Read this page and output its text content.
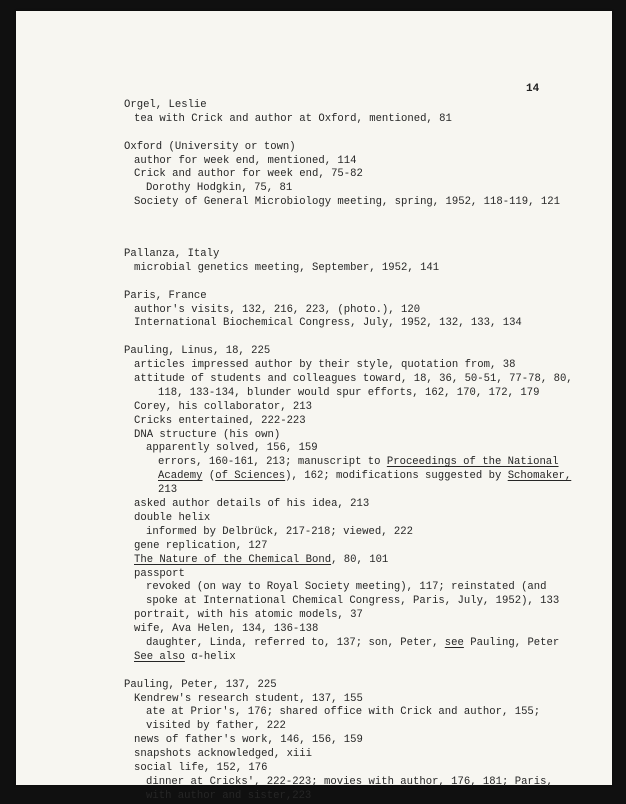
14
Orgel, Leslie
tea with Crick and author at Oxford, mentioned, 81
Oxford (University or town)
author for week end, mentioned, 114
Crick and author for week end, 75-82
Dorothy Hodgkin, 75, 81
Society of General Microbiology meeting, spring, 1952, 118-119, 121
Pallanza, Italy
microbial genetics meeting, September, 1952, 141
Paris, France
author's visits, 132, 216, 223, (photo.), 120
International Biochemical Congress, July, 1952, 132, 133, 134
Pauling, Linus, 18, 225
articles impressed author by their style, quotation from, 38
attitude of students and colleagues toward, 18, 36, 50-51, 77-78, 80,
118, 133-134, blunder would spur efforts, 162, 170, 172, 179
Corey, his collaborator, 213
Cricks entertained, 222-223
DNA structure (his own)
apparently solved, 156, 159
errors, 160-161, 213; manuscript to Proceedings of the National
Academy (of Sciences), 162; modifications suggested by Schomaker,
213
asked author details of his idea, 213
double helix
informed by Delbrück, 217-218; viewed, 222
gene replication, 127
The Nature of the Chemical Bond, 80, 101
passport
revoked (on way to Royal Society meeting), 117; reinstated (and
spoke at International Chemical Congress, Paris, July, 1952), 133
portrait, with his atomic models, 37
wife, Ava Helen, 134, 136-138
daughter, Linda, referred to, 137; son, Peter, see Pauling, Peter
See also α-helix
Pauling, Peter, 137, 225
Kendrew's research student, 137, 155
ate at Prior's, 176; shared office with Crick and author, 155;
visited by father, 222
news of father's work, 146, 156, 159
snapshots acknowledged, xiii
social life, 152, 176
dinner at Cricks', 222-223; movies with author, 176, 181; Paris,
with author and sister,223
